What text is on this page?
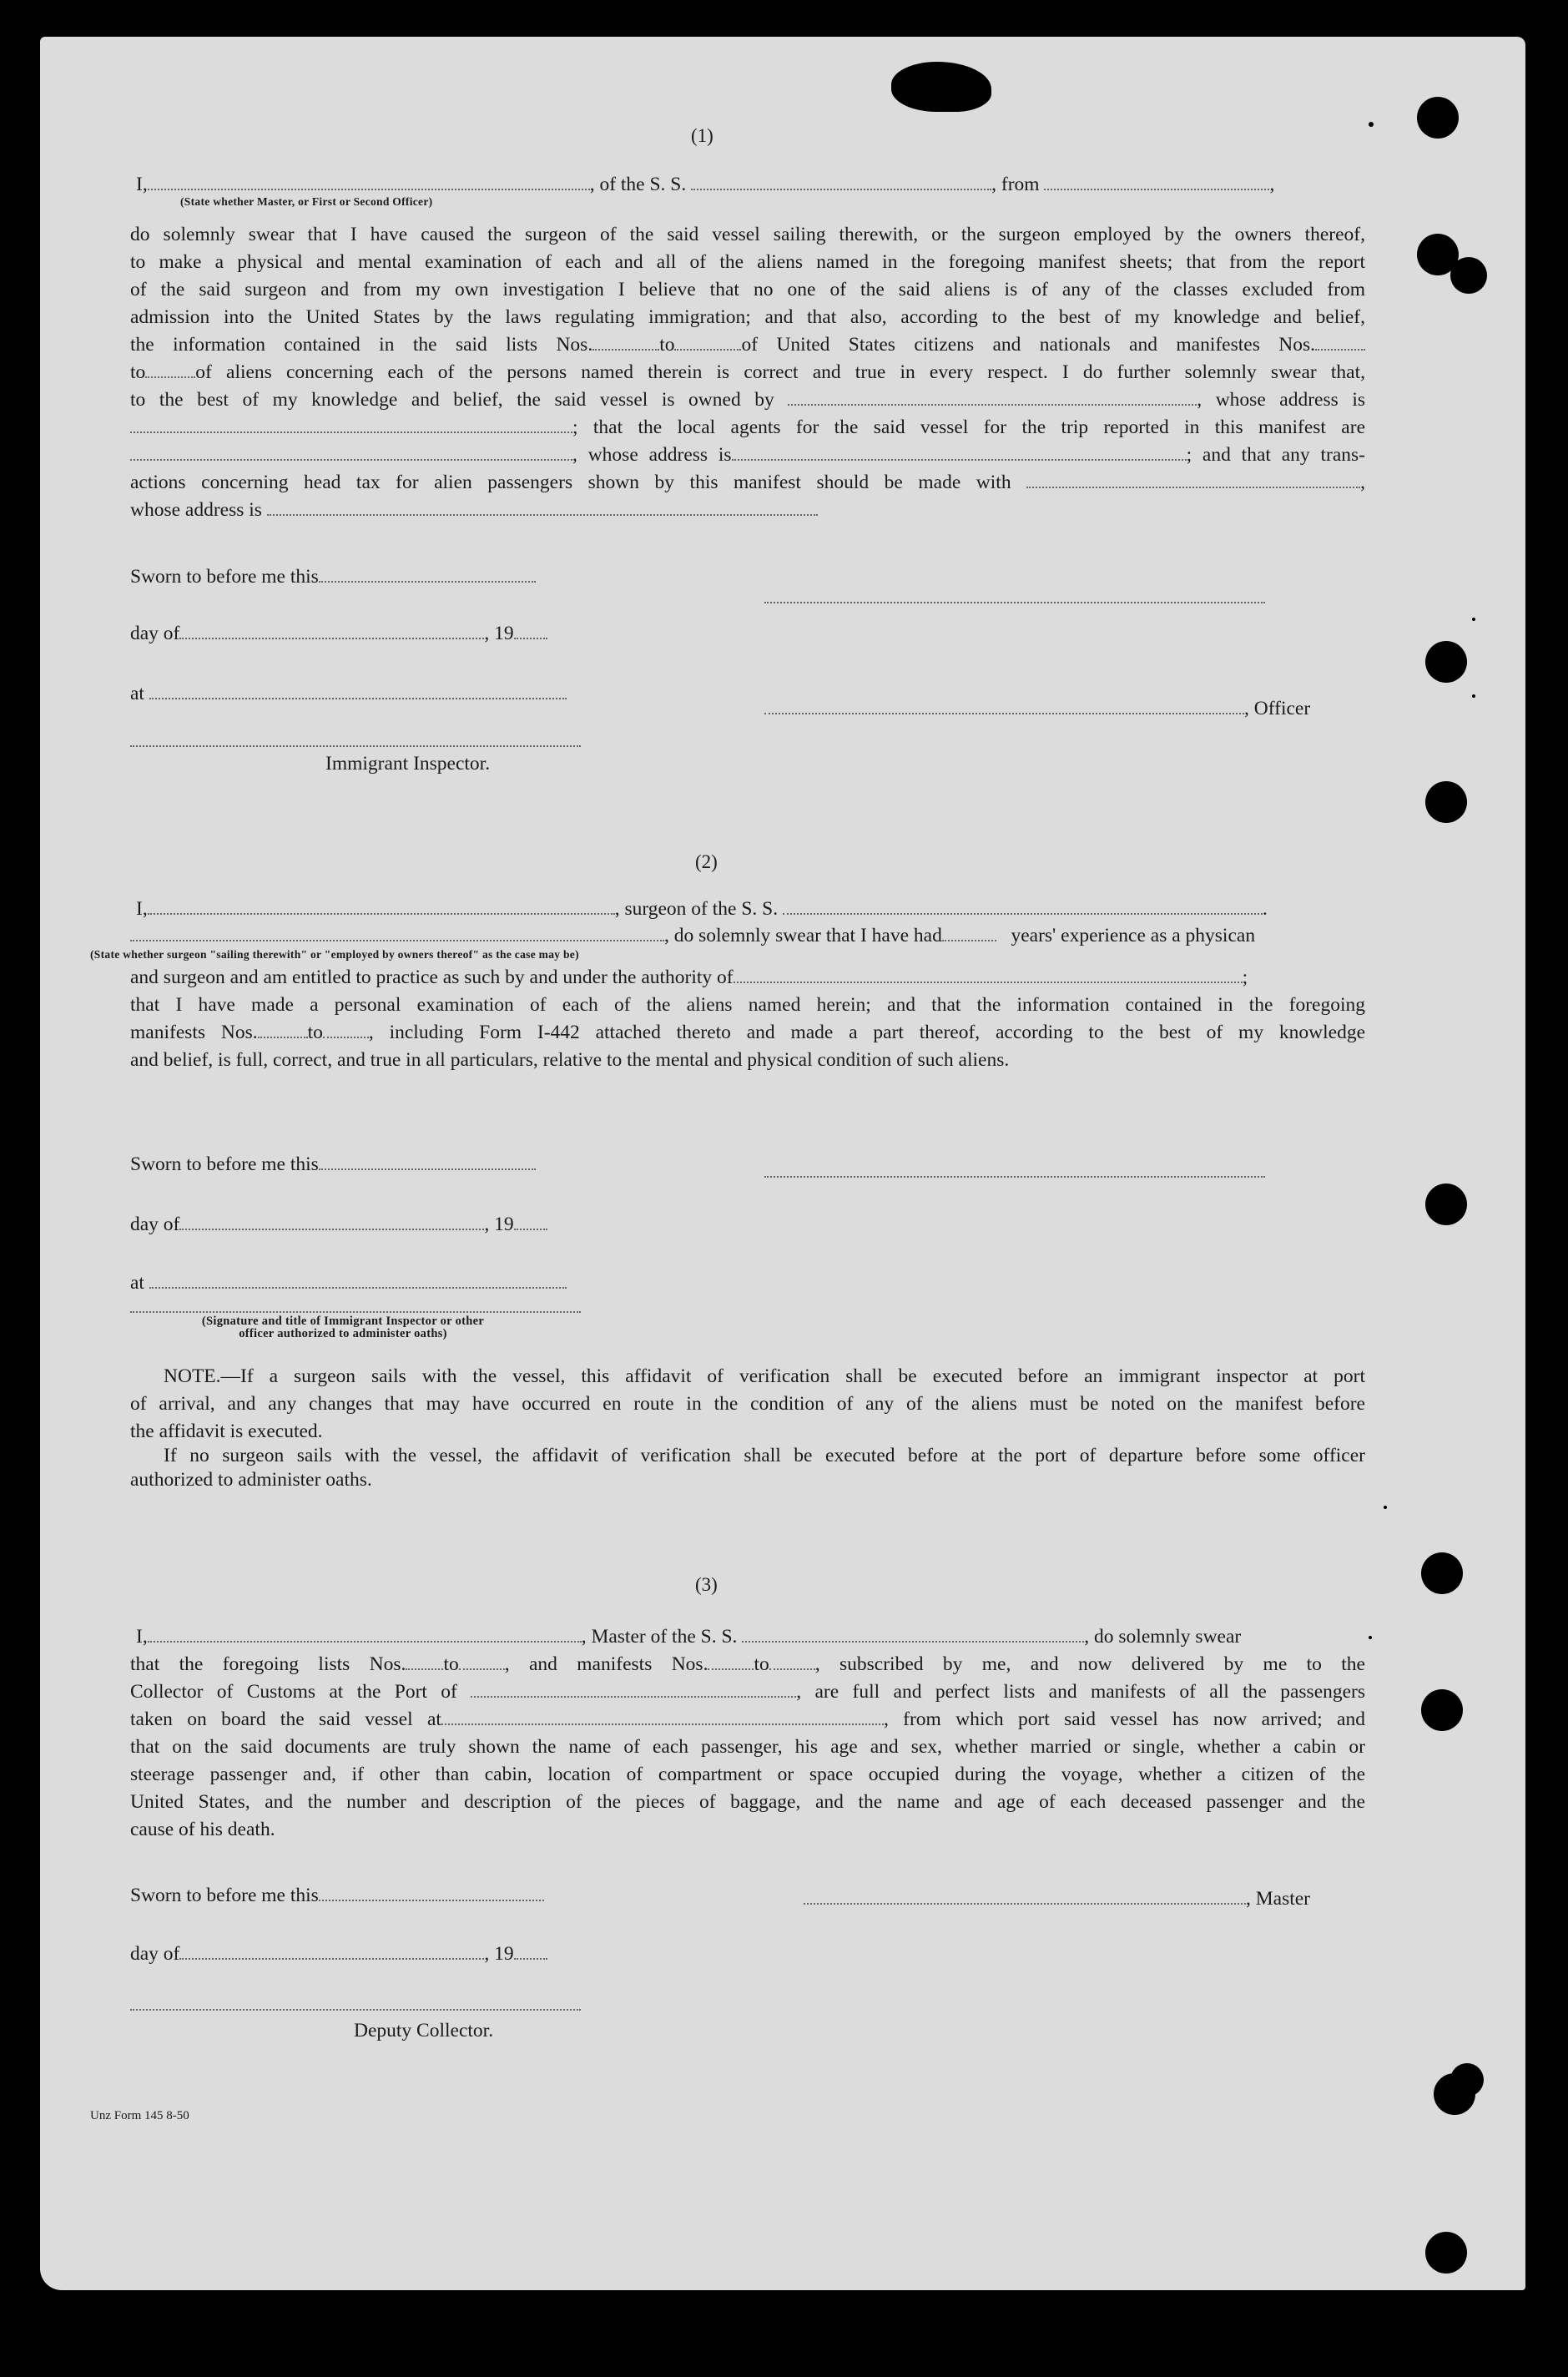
(1)
I,	, of the S. S.	, from	,
(State whether Master, or First or Second Officer)
do solemnly swear that I have caused the surgeon of the said vessel sailing therewith, or the surgeon employed by the owners thereof,
to make a physical and mental examination of each and all of the aliens named in the foregoing manifest sheets; that from the report
of the said surgeon and from my own investigation I believe that no one of the said aliens is of any of the classes excluded from
admission into the United States by the laws regulating immigration; and that also, according to the best of my knowledge and belief,
the information contained in the said lists Nos.	to	of United States citizens and nationals and manifestes Nos.
to	of aliens concerning each of the persons named therein is correct and true in every respect. I do further solemnly swear that,
to the best of my knowledge and belief, the said vessel is owned by	, whose address is
; that the local agents for the said vessel for the trip reported in this manifest are
, whose address is	; and that any trans-
actions concerning head tax for alien passengers shown by this manifest should be made with	,
whose address is
Sworn to before me this
day of	, 19
at
, Officer
Immigrant Inspector.
(2)
I,	, surgeon of the S. S.	.
, do solemnly swear that I have had	years' experience as a physican
(State whether surgeon "sailing therewith" or "employed by owners thereof" as the case may be)
and surgeon and am entitled to practice as such by and under the authority of	;
that I have made a personal examination of each of the aliens named herein; and that the information contained in the foregoing
manifests Nos.	to , including Form I-442 attached thereto and made a part thereof, according to the best of my knowledge
and belief, is full, correct, and true in all particulars, relative to the mental and physical condition of such aliens.
Sworn to before me this
day of	, 19
at
(Signature and title of Immigrant Inspector or other
officer authorized to administer oaths)
NOTE.—If a surgeon sails with the vessel, this affidavit of verification shall be executed before an immigrant inspector at port
of arrival, and any changes that may have occurred en route in the condition of any of the aliens must be noted on the manifest before
the affidavit is executed.
If no surgeon sails with the vessel, the affidavit of verification shall be executed before at the port of departure before some officer
authorized to administer oaths.
(3)
I,	, Master of the S. S.	, do solemnly swear
that the foregoing lists Nos. to , and manifests Nos. to , subscribed by me, and now delivered by me to the
Collector of Customs at the Port of	, are full and perfect lists and manifests of all the passengers
taken on board the said vessel at	, from which port said vessel has now arrived; and
that on the said documents are truly shown the name of each passenger, his age and sex, whether married or single, whether a cabin or
steerage passenger and, if other than cabin, location of compartment or space occupied during the voyage, whether a citizen of the
United States, and the number and description of the pieces of baggage, and the name and age of each deceased passenger and the
cause of his death.
Sworn to before me this	, Master
day of	, 19
Deputy Collector.
Unz Form 145 8-50
